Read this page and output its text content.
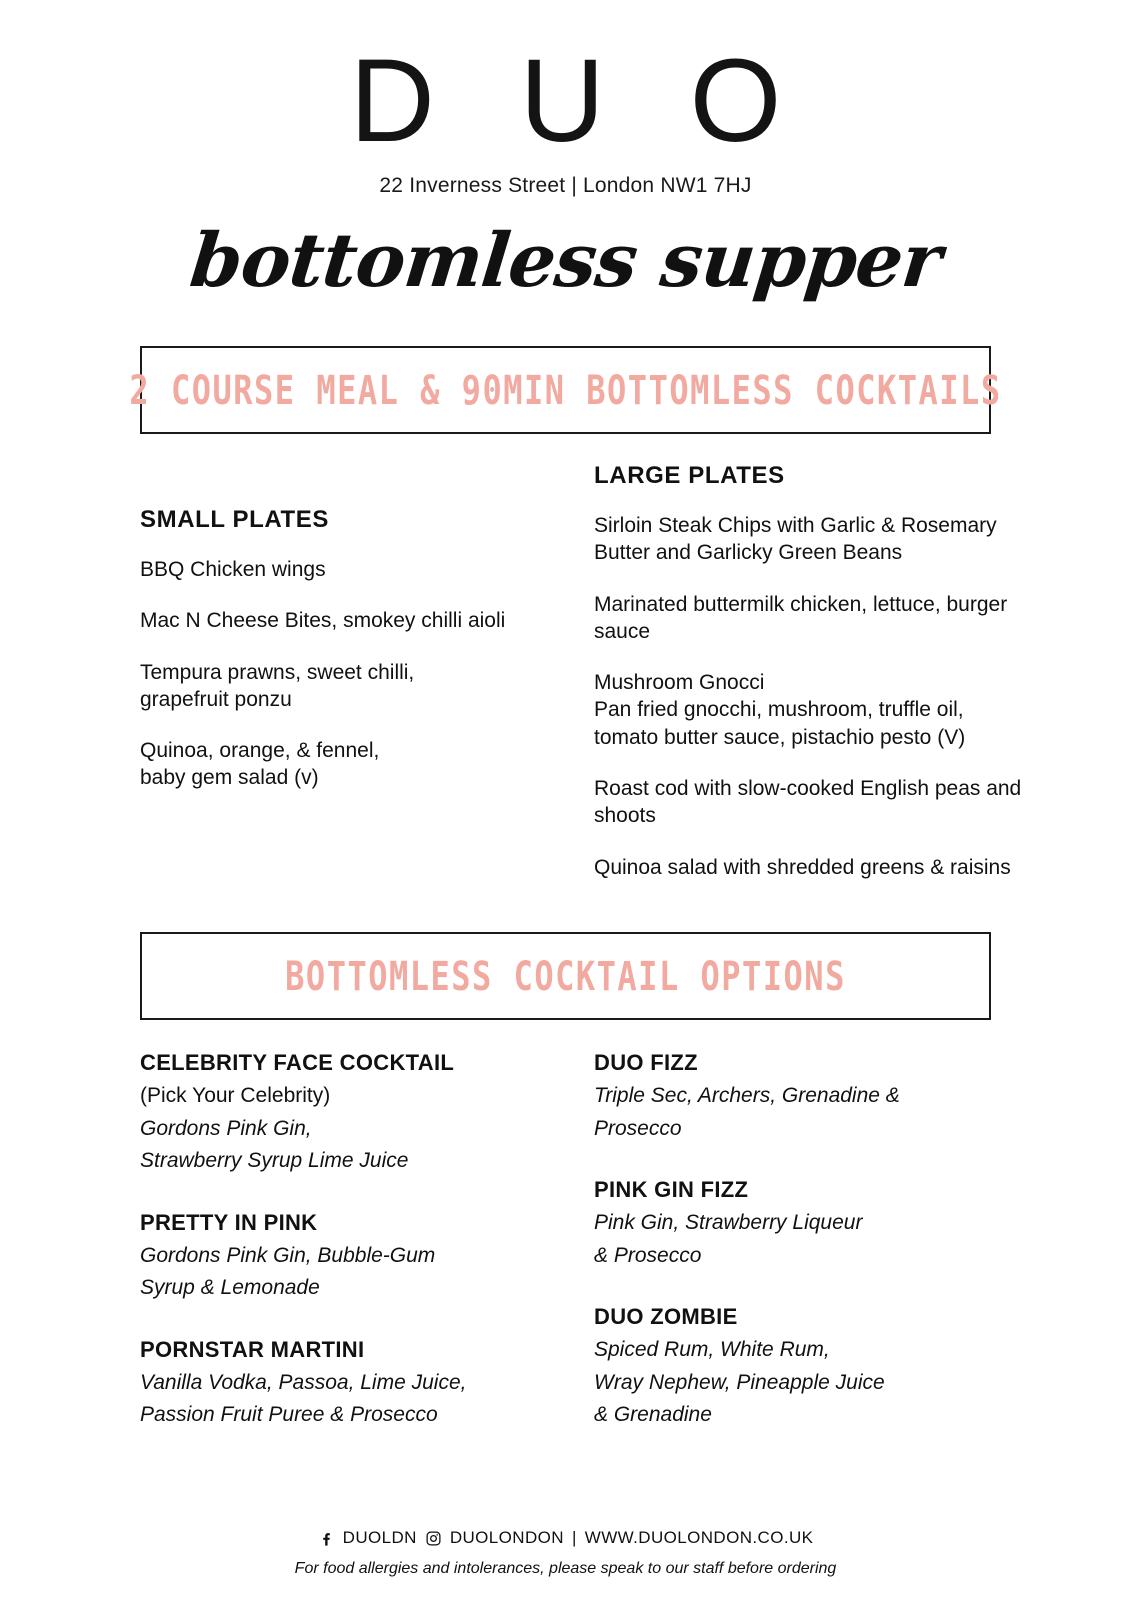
D U O
22 Inverness Street | London NW1 7HJ
bottomless supper
2 COURSE MEAL & 90MIN BOTTOMLESS COCKTAILS
SMALL PLATES
BBQ Chicken wings
Mac N Cheese Bites, smokey chilli aioli
Tempura prawns, sweet chilli,
grapefruit ponzu
Quinoa, orange, & fennel,
baby gem salad (v)
LARGE PLATES
Sirloin Steak Chips with Garlic & Rosemary
Butter and Garlicky Green Beans
Marinated buttermilk chicken, lettuce, burger
sauce
Mushroom Gnocci
Pan fried gnocchi, mushroom, truffle oil,
tomato butter sauce, pistachio pesto (V)
Roast cod with slow-cooked English peas and
shoots
Quinoa salad with shredded greens & raisins
BOTTOMLESS COCKTAIL OPTIONS
CELEBRITY FACE COCKTAIL
(Pick Your Celebrity)
Gordons Pink Gin,
Strawberry Syrup Lime Juice
PRETTY IN PINK
Gordons Pink Gin, Bubble-Gum
Syrup & Lemonade
PORNSTAR MARTINI
Vanilla Vodka, Passoa, Lime Juice,
Passion Fruit Puree & Prosecco
DUO FIZZ
Triple Sec, Archers, Grenadine &
Prosecco
PINK GIN FIZZ
Pink Gin, Strawberry Liqueur
& Prosecco
DUO ZOMBIE
Spiced Rum, White Rum,
Wray Nephew, Pineapple Juice
& Grenadine
DUOLDN DUOLONDON | WWW.DUOLONDON.CO.UK
For food allergies and intolerances, please speak to our staff before ordering
